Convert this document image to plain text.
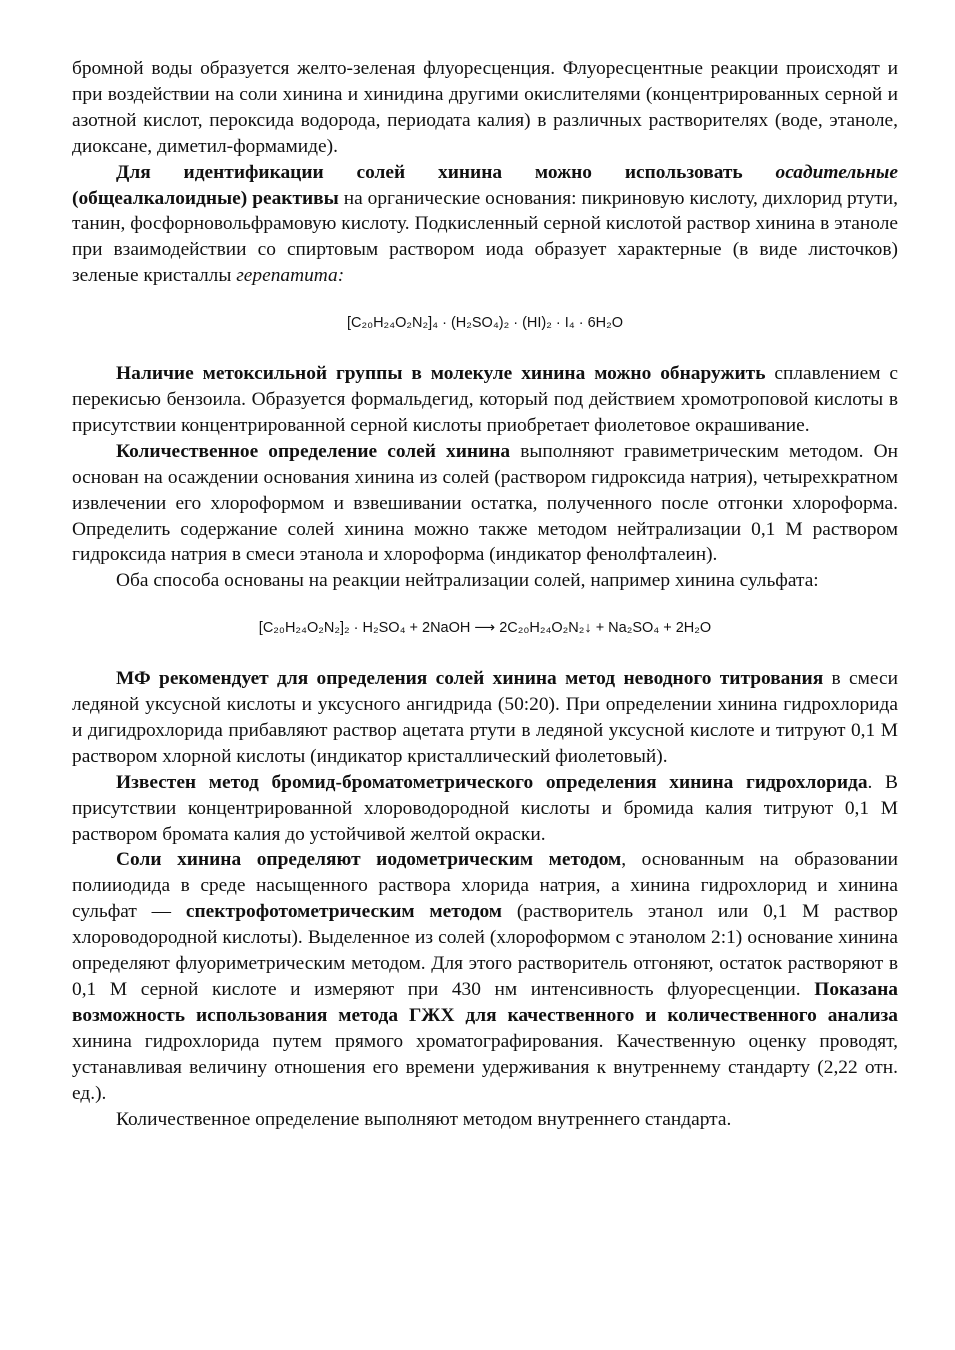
бромной воды образуется желто-зеленая флуоресценция. Флуоресцентные реакции происходят и при воздействии на соли хинина и хинидина другими окислителями (концентрированных серной и азотной кислот, пероксида водорода, периодата калия) в различных растворителях (воде, этаноле, диоксане, диметил-формамиде).

Для идентификации солей хинина можно использовать осадительные (общеалкалоидные) реактивы на органические основания: пикриновую кислоту, дихлорид ртути, танин, фосфорновольфрамовую кислоту. Подкисленный серной кислотой раствор хинина в этаноле при взаимодействии со спиртовым раствором иода образует характерные (в виде листочков) зеленые кристаллы герепатита:

[C₂₀H₂₄O₂N₂]₄ · (H₂SO₄)₂ · (HI)₂ · I₄ · 6H₂O

Наличие метоксильной группы в молекуле хинина можно обнаружить сплавлением с перекисью бензоила. Образуется формальдегид, который под действием хромотроповой кислоты в присутствии концентрированной серной кислоты приобретает фиолетовое окрашивание.

Количественное определение солей хинина выполняют гравиметрическим методом. Он основан на осаждении основания хинина из солей (раствором гидроксида натрия), четырехкратном извлечении его хлороформом и взвешивании остатка, полученного после отгонки хлороформа. Определить содержание солей хинина можно также методом нейтрализации 0,1 М раствором гидроксида натрия в смеси этанола и хлороформа (индикатор фенолфталеин).

Оба способа основаны на реакции нейтрализации солей, например хинина сульфата:

[C₂₀H₂₄O₂N₂]₂ · H₂SO₄ + 2NaOH ⟶ 2C₂₀H₂₄O₂N₂↓ + Na₂SO₄ + 2H₂O

МФ рекомендует для определения солей хинина метод неводного титрования в смеси ледяной уксусной кислоты и уксусного ангидрида (50:20). При определении хинина гидрохлорида и дигидрохлорида прибавляют раствор ацетата ртути в ледяной уксусной кислоте и титруют 0,1 М раствором хлорной кислоты (индикатор кристаллический фиолетовый).

Известен метод бромид-броматометрического определения хинина гидрохлорида. В присутствии концентрированной хлороводородной кислоты и бромида калия титруют 0,1 М раствором бромата калия до устойчивой желтой окраски.

Соли хинина определяют иодометрическим методом, основанным на образовании полииодида в среде насыщенного раствора хлорида натрия, а хинина гидрохлорид и хинина сульфат — спектрофотометрическим методом (растворитель этанол или 0,1 М раствор хлороводородной кислоты). Выделенное из солей (хлороформом с этанолом 2:1) основание хинина определяют флуориметрическим методом. Для этого растворитель отгоняют, остаток растворяют в 0,1 М серной кислоте и измеряют при 430 нм интенсивность флуоресценции. Показана возможность использования метода ГЖХ для качественного и количественного анализа хинина гидрохлорида путем прямого хроматографирования. Качественную оценку проводят, устанавливая величину отношения его времени удерживания к внутреннему стандарту (2,22 отн. ед.).

Количественное определение выполняют методом внутреннего стандарта.
